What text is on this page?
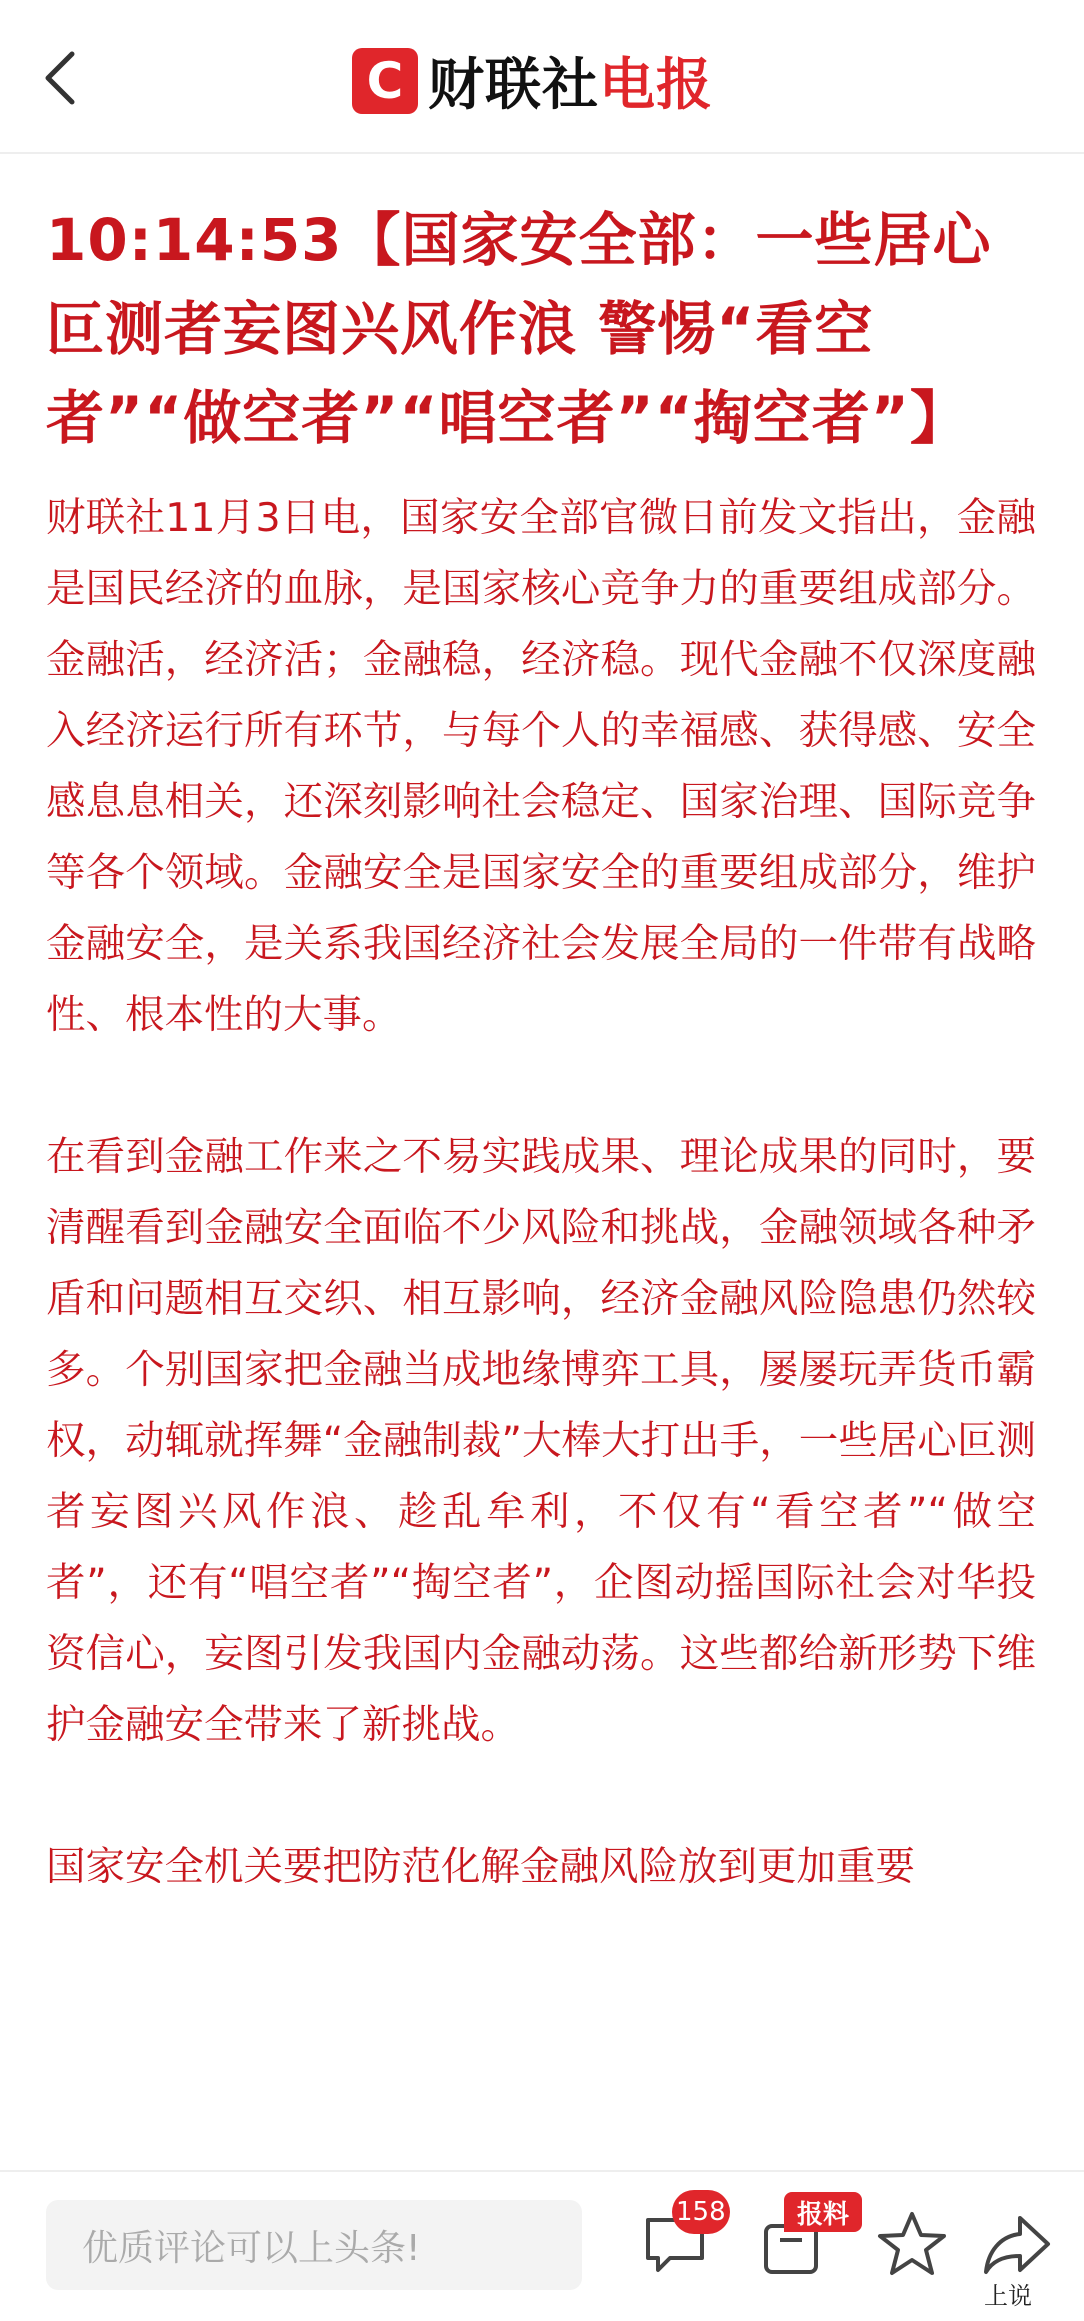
C 财联社电报
10:14:53【国家安全部：一些居心叵测者妄图兴风作浪 警惕“看空者”“做空者”“唱空者”“掏空者”】

财联社11月3日电，国家安全部官微日前发文指出，金融是国民经济的血脉，是国家核心竞争力的重要组成部分。金融活，经济活；金融稳，经济稳。现代金融不仅深度融入经济运行所有环节，与每个人的幸福感、获得感、安全感息息相关，还深刻影响社会稳定、国家治理、国际竞争等各个领域。金融安全是国家安全的重要组成部分，维护金融安全，是关系我国经济社会发展全局的一件带有战略性、根本性的大事。

在看到金融工作来之不易实践成果、理论成果的同时，要清醒看到金融安全面临不少风险和挑战，金融领域各种矛盾和问题相互交织、相互影响，经济金融风险隐患仍然较多。个别国家把金融当成地缘博弈工具，屡屡玩弄货币霸权，动辄就挥舞“金融制裁”大棒大打出手，一些居心叵测者妄图兴风作浪、趁乱牟利，不仅有“看空者”“做空者”，还有“唱空者”“掏空者”，企图动摇国际社会对华投资信心，妄图引发我国内金融动荡。这些都给新形势下维护金融安全带来了新挑战。

国家安全机关要把防范化解金融风险放到更加重要

优质评论可以上头条!
158	报料
上说
